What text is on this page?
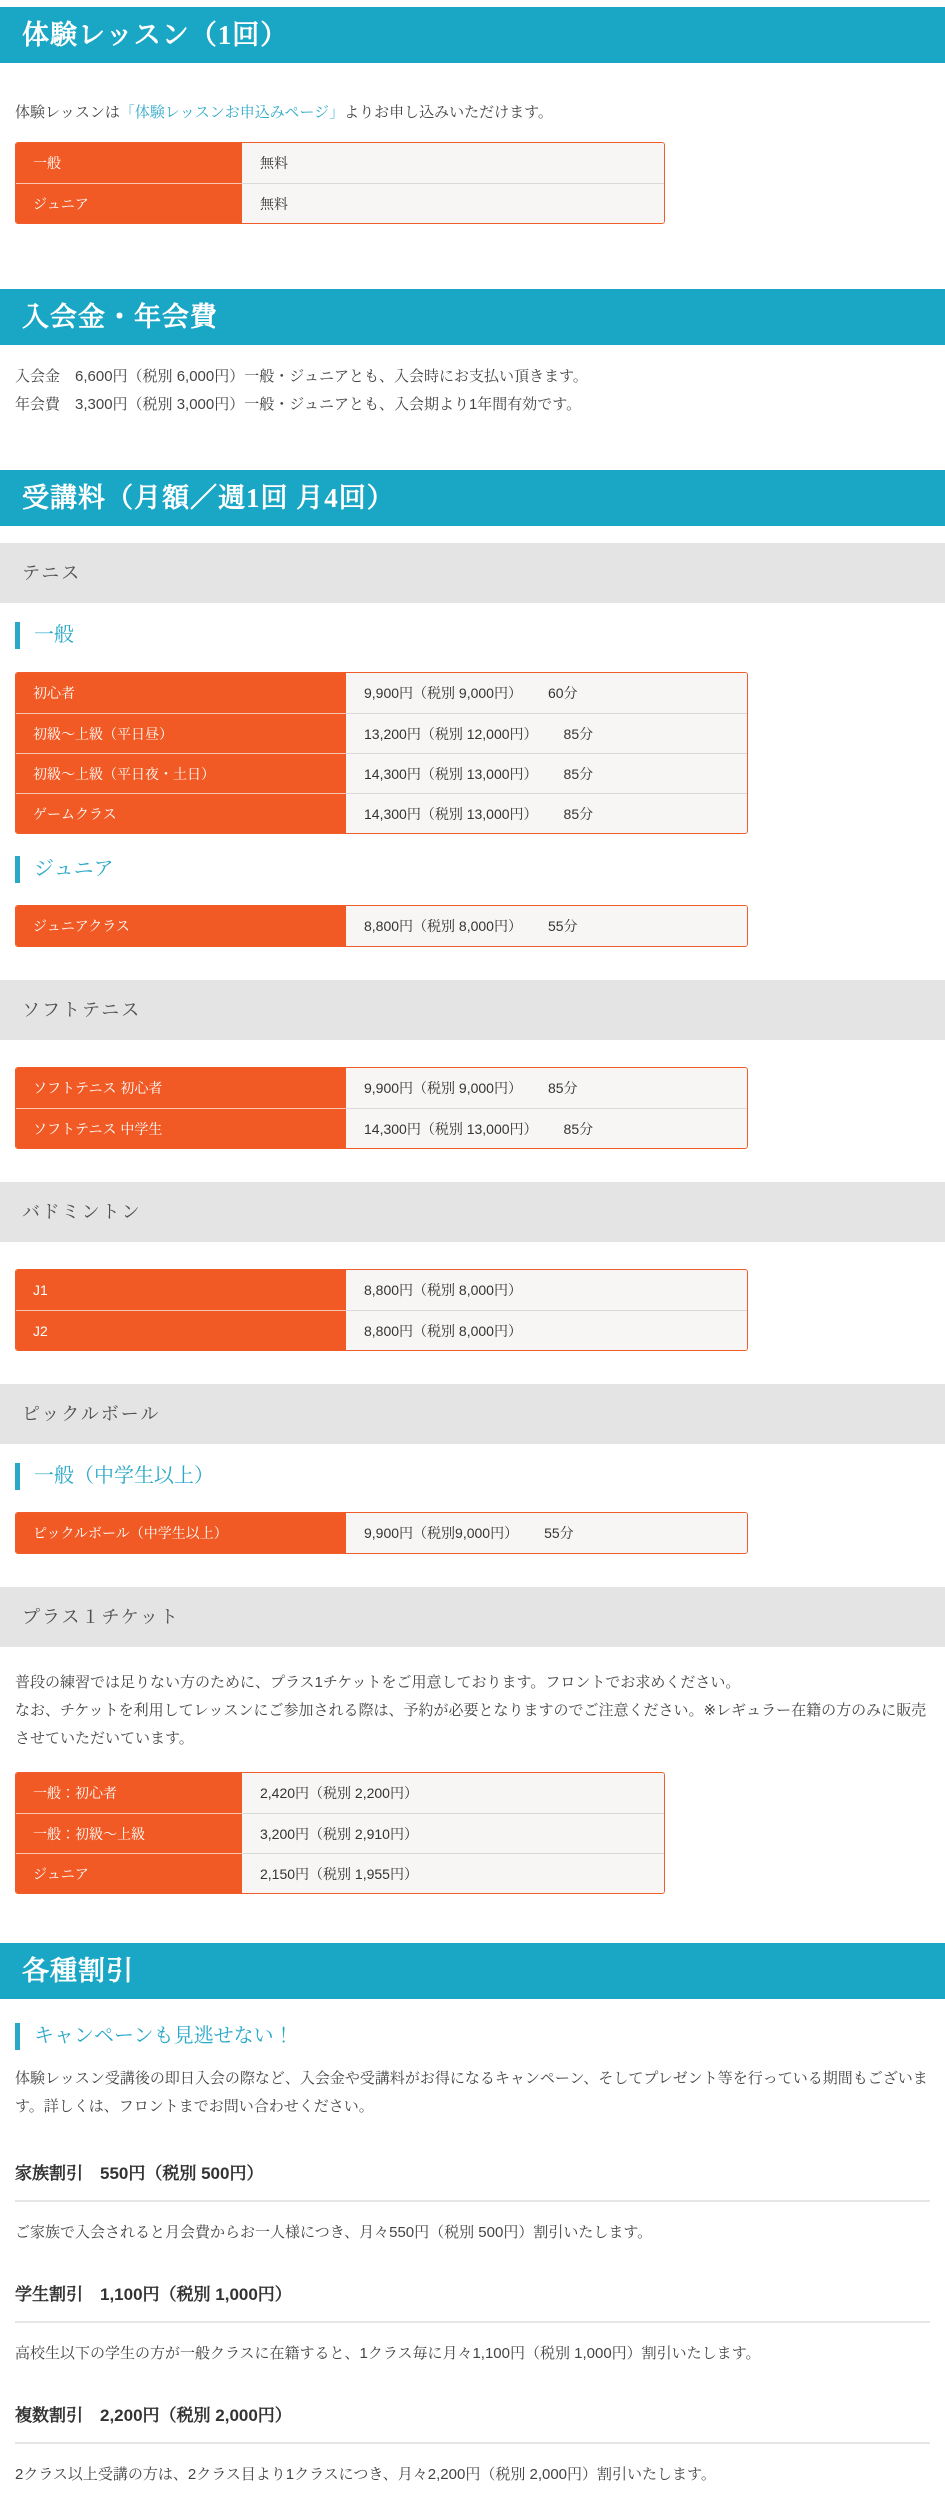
体験レッスン（1回）

体験レッスンは「体験レッスンお申込みページ」よりお申し込みいただけます。

一般	無料
ジュニア	無料
入会金・年会費

入会金　6,600円（税別 6,000円）一般・ジュニアとも、入会時にお支払い頂きます。
年会費　3,300円（税別 3,000円）一般・ジュニアとも、入会期より1年間有効です。

受講料（月額／週1回 月4回）
テニス
一般
初心者	9,900円（税別 9,000円） 60分
初級～上級（平日昼）	13,200円（税別 12,000円） 85分
初級～上級（平日夜・土日）	14,300円（税別 13,000円） 85分
ゲームクラス	14,300円（税別 13,000円） 85分
ジュニア
ジュニアクラス	8,800円（税別 8,000円） 55分
ソフトテニス
ソフトテニス 初心者	9,900円（税別 9,000円） 85分
ソフトテニス 中学生	14,300円（税別 13,000円） 85分
バドミントン
J1	8,800円（税別 8,000円）
J2	8,800円（税別 8,000円）
ピックルボール
一般（中学生以上）
ピックルボール（中学生以上）	9,900円（税別9,000円） 55分
プラス１チケット

普段の練習では足りない方のために、プラス1チケットをご用意しております。フロントでお求めください。
なお、チケットを利用してレッスンにご参加される際は、予約が必要となりますのでご注意ください。※レギュラー在籍の方のみに販売させていただいています。

一般：初心者	2,420円（税別 2,200円）
一般：初級～上級	3,200円（税別 2,910円）
ジュニア	2,150円（税別 1,955円）
各種割引
キャンペーンも見逃せない！

体験レッスン受講後の即日入会の際など、入会金や受講料がお得になるキャンペーン、そしてプレゼント等を行っている期間もございます。詳しくは、フロントまでお問い合わせください。

家族割引　550円（税別 500円）
ご家族で入会されると月会費からお一人様につき、月々550円（税別 500円）割引いたします。
学生割引　1,100円（税別 1,000円）
高校生以下の学生の方が一般クラスに在籍すると、1クラス毎に月々1,100円（税別 1,000円）割引いたします。
複数割引　2,200円（税別 2,000円）
2クラス以上受講の方は、2クラス目より1クラスにつき、月々2,200円（税別 2,000円）割引いたします。
